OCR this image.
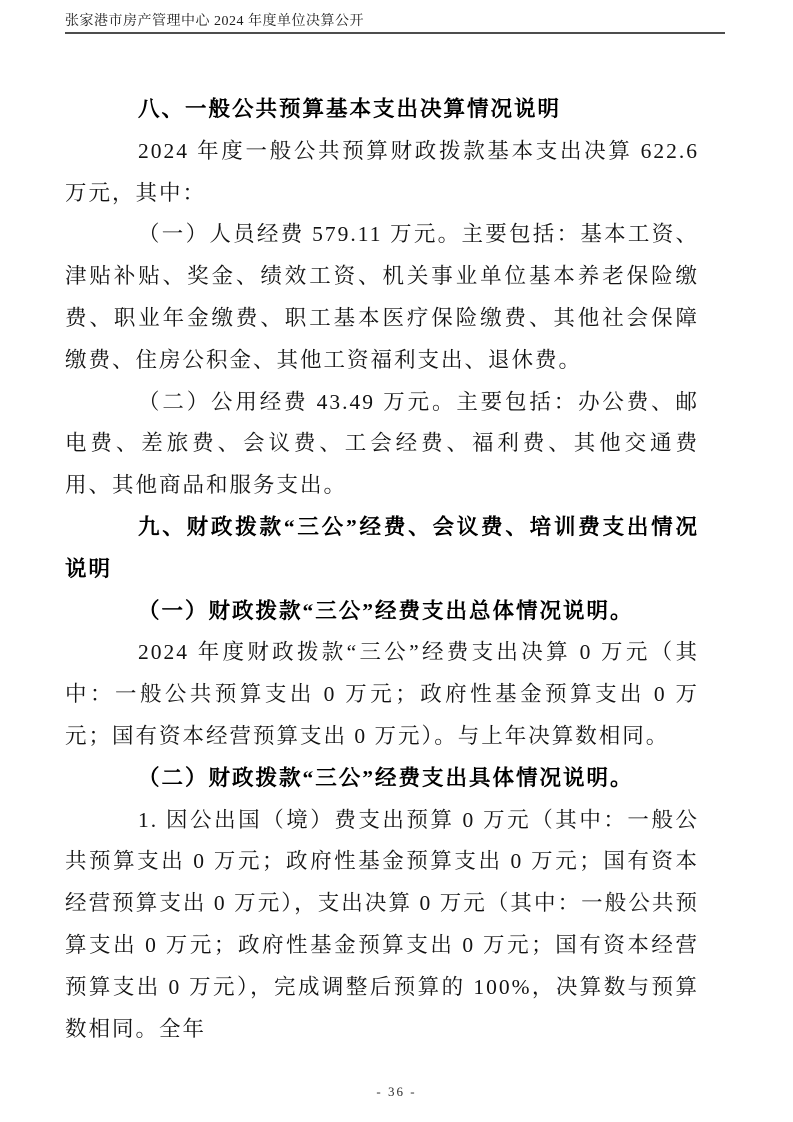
张家港市房产管理中心 2024 年度单位决算公开

八、一般公共预算基本支出决算情况说明

2024 年度一般公共预算财政拨款基本支出决算 622.6 万元，其中：

（一）人员经费 579.11 万元。主要包括：基本工资、津贴补贴、奖金、绩效工资、机关事业单位基本养老保险缴费、职业年金缴费、职工基本医疗保险缴费、其他社会保障缴费、住房公积金、其他工资福利支出、退休费。

（二）公用经费 43.49 万元。主要包括：办公费、邮电费、差旅费、会议费、工会经费、福利费、其他交通费用、其他商品和服务支出。

九、财政拨款“三公”经费、会议费、培训费支出情况说明

（一）财政拨款“三公”经费支出总体情况说明。

2024 年度财政拨款“三公”经费支出决算 0 万元（其中：一般公共预算支出 0 万元；政府性基金预算支出 0 万元；国有资本经营预算支出 0 万元）。与上年决算数相同。

（二）财政拨款“三公”经费支出具体情况说明。

1. 因公出国（境）费支出预算 0 万元（其中：一般公共预算支出 0 万元；政府性基金预算支出 0 万元；国有资本经营预算支出 0 万元），支出决算 0 万元（其中：一般公共预算支出 0 万元；政府性基金预算支出 0 万元；国有资本经营预算支出 0 万元），完成调整后预算的 100%，决算数与预算数相同。全年

- 36 -
